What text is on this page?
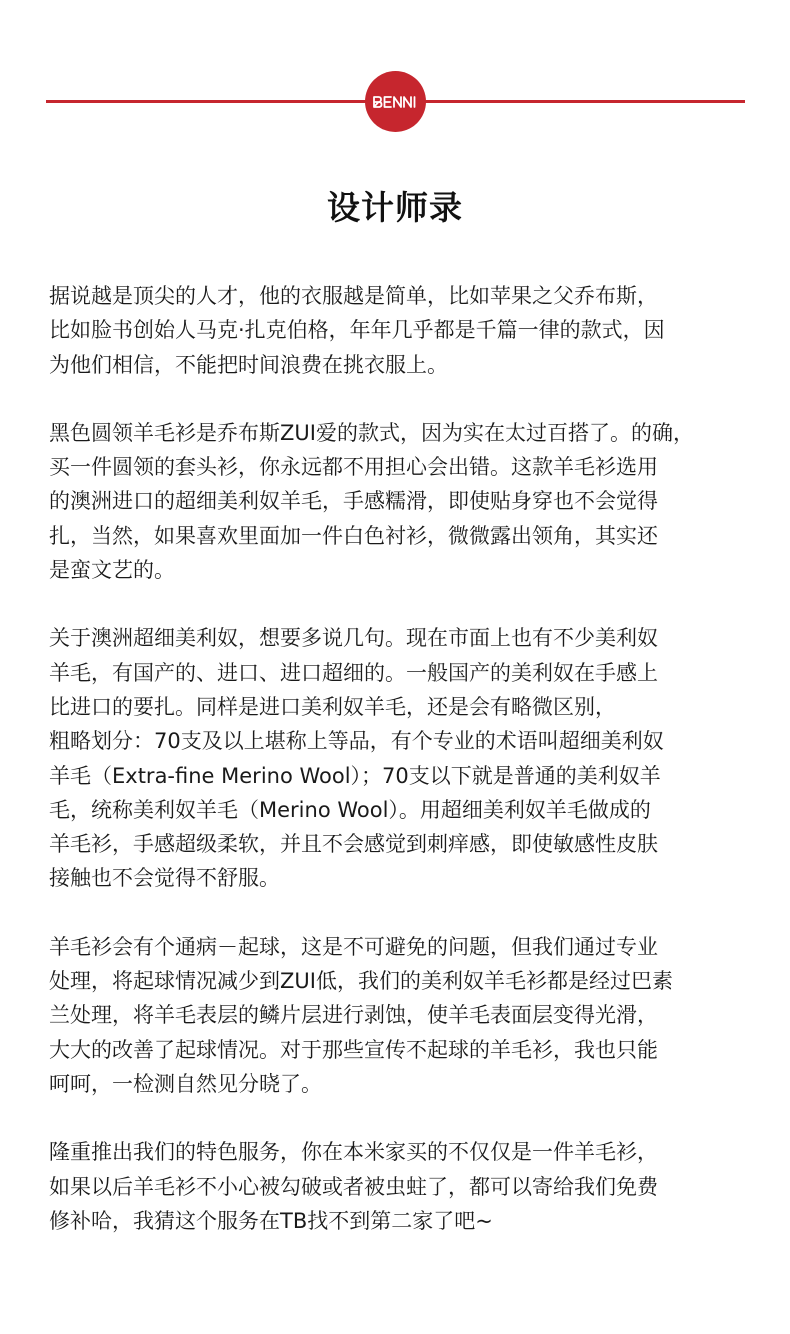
设计师录

据说越是顶尖的人才，他的衣服越是简单，比如苹果之父乔布斯，
比如脸书创始人马克·扎克伯格，年年几乎都是千篇一律的款式，因
为他们相信，不能把时间浪费在挑衣服上。

黑色圆领羊毛衫是乔布斯ZUI爱的款式，因为实在太过百搭了。的确，
买一件圆领的套头衫，你永远都不用担心会出错。这款羊毛衫选用
的澳洲进口的超细美利奴羊毛，手感糯滑，即使贴身穿也不会觉得
扎，当然，如果喜欢里面加一件白色衬衫，微微露出领角，其实还
是蛮文艺的。

关于澳洲超细美利奴，想要多说几句。现在市面上也有不少美利奴
羊毛，有国产的、进口、进口超细的。一般国产的美利奴在手感上
比进口的要扎。同样是进口美利奴羊毛，还是会有略微区别，
粗略划分：70支及以上堪称上等品，有个专业的术语叫超细美利奴
羊毛（Extra-fine Merino Wool）；70支以下就是普通的美利奴羊
毛，统称美利奴羊毛（Merino Wool）。用超细美利奴羊毛做成的
羊毛衫，手感超级柔软，并且不会感觉到刺痒感，即使敏感性皮肤
接触也不会觉得不舒服。

羊毛衫会有个通病－起球，这是不可避免的问题，但我们通过专业
处理，将起球情况减少到ZUI低，我们的美利奴羊毛衫都是经过巴素
兰处理，将羊毛表层的鳞片层进行剥蚀，使羊毛表面层变得光滑，
大大的改善了起球情况。对于那些宣传不起球的羊毛衫，我也只能
呵呵，一检测自然见分晓了。

隆重推出我们的特色服务，你在本米家买的不仅仅是一件羊毛衫，
如果以后羊毛衫不小心被勾破或者被虫蛀了，都可以寄给我们免费
修补哈，我猜这个服务在TB找不到第二家了吧~
